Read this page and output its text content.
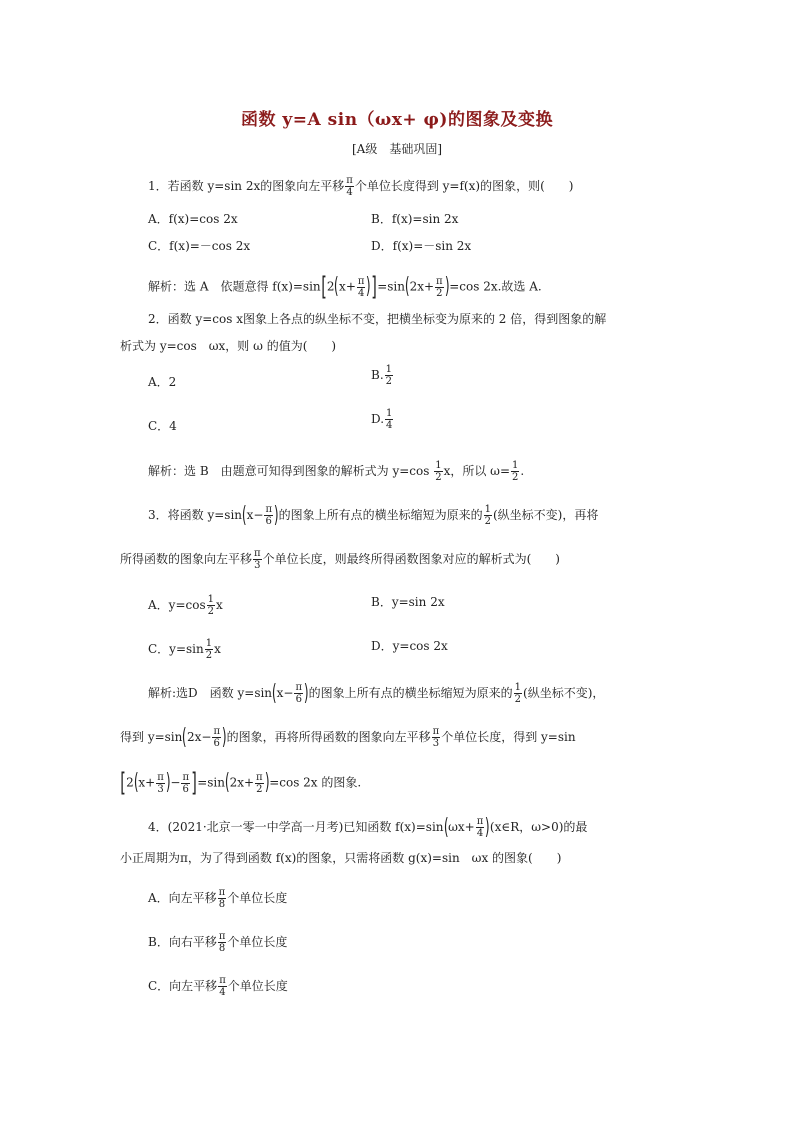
函数 y=A sin（ωx+ φ)的图象及变换
[A级　基础巩固]
1．若函数 y=sin 2x的图象向左平移 $\frac{\pi}{4}$ 个单位长度得到 y=f(x)的图象，则(　　)
A．f(x)=cos 2x	B．f(x)=sin 2x
C．f(x)=－cos 2x	D．f(x)=－sin 2x
解析：选 A　依题意得 $f(x)=\sin[2(x+ \frac{\pi}{4} )]=\sin(2x+ \frac{\pi}{2} )=\cos$ 2x.故选 A.
2．函数 y=cos x图象上各点的纵坐标不变，把横坐标变为原来的 2 倍，得到图象的解
析式为 y=cos　ωx，则 ω 的值为(　　)
A．2	B. $\frac{1}{2}$
C．4	D. $\frac{1}{4}$
解析：选 B　由题意可知得到图象的解析式为 $y=\cos \frac{1}{2}$ x，所以 $\omega= \frac{1}{2}$ .
3．将函数 $y=\sin(x- \frac{\pi}{6}$ )的图象上所有点的横坐标缩短为原来的 $\frac{1}{2}$ (纵坐标不变)，再将
所得函数的图象向左平移 $\frac{\pi}{3}$ 个单位长度，则最终所得函数图象对应的解析式为(　　)
A．$y=\cos \frac{1}{2}$ x	B．y=sin 2x
C．$y=\sin \frac{1}{2}$ x	D．y=cos 2x
解析:选D　函数 $y=\sin(x- \frac{\pi}{6}$ )的图象上所有点的横坐标缩短为原来的 $\frac{1}{2}$ (纵坐标不变)，
得到 $y=\sin(2x- \frac{\pi}{6}$ )的图象，再将所得函数的图象向左平移 $\frac{\pi}{3}$ 个单位长度，得到 y=sin
[$2(x+ \frac{\pi}{3}$ )− $\frac{\pi}{6} ]=\sin(2x+ \frac{\pi}{2} )=\cos$ 2x 的图象.
4．(2021·北京一零一中学高一月考)已知函数 $f(x)=\sin(\omega x+ \frac{\pi}{4}$ )(x∈R，ω>0)的最
小正周期为π，为了得到函数 f(x)的图象，只需将函数 g(x)=sin　ωx 的图象(　　)
A．向左平移 $\frac{\pi}{8}$ 个单位长度
B．向右平移 $\frac{\pi}{8}$ 个单位长度
C．向左平移 $\frac{\pi}{4}$ 个单位长度
